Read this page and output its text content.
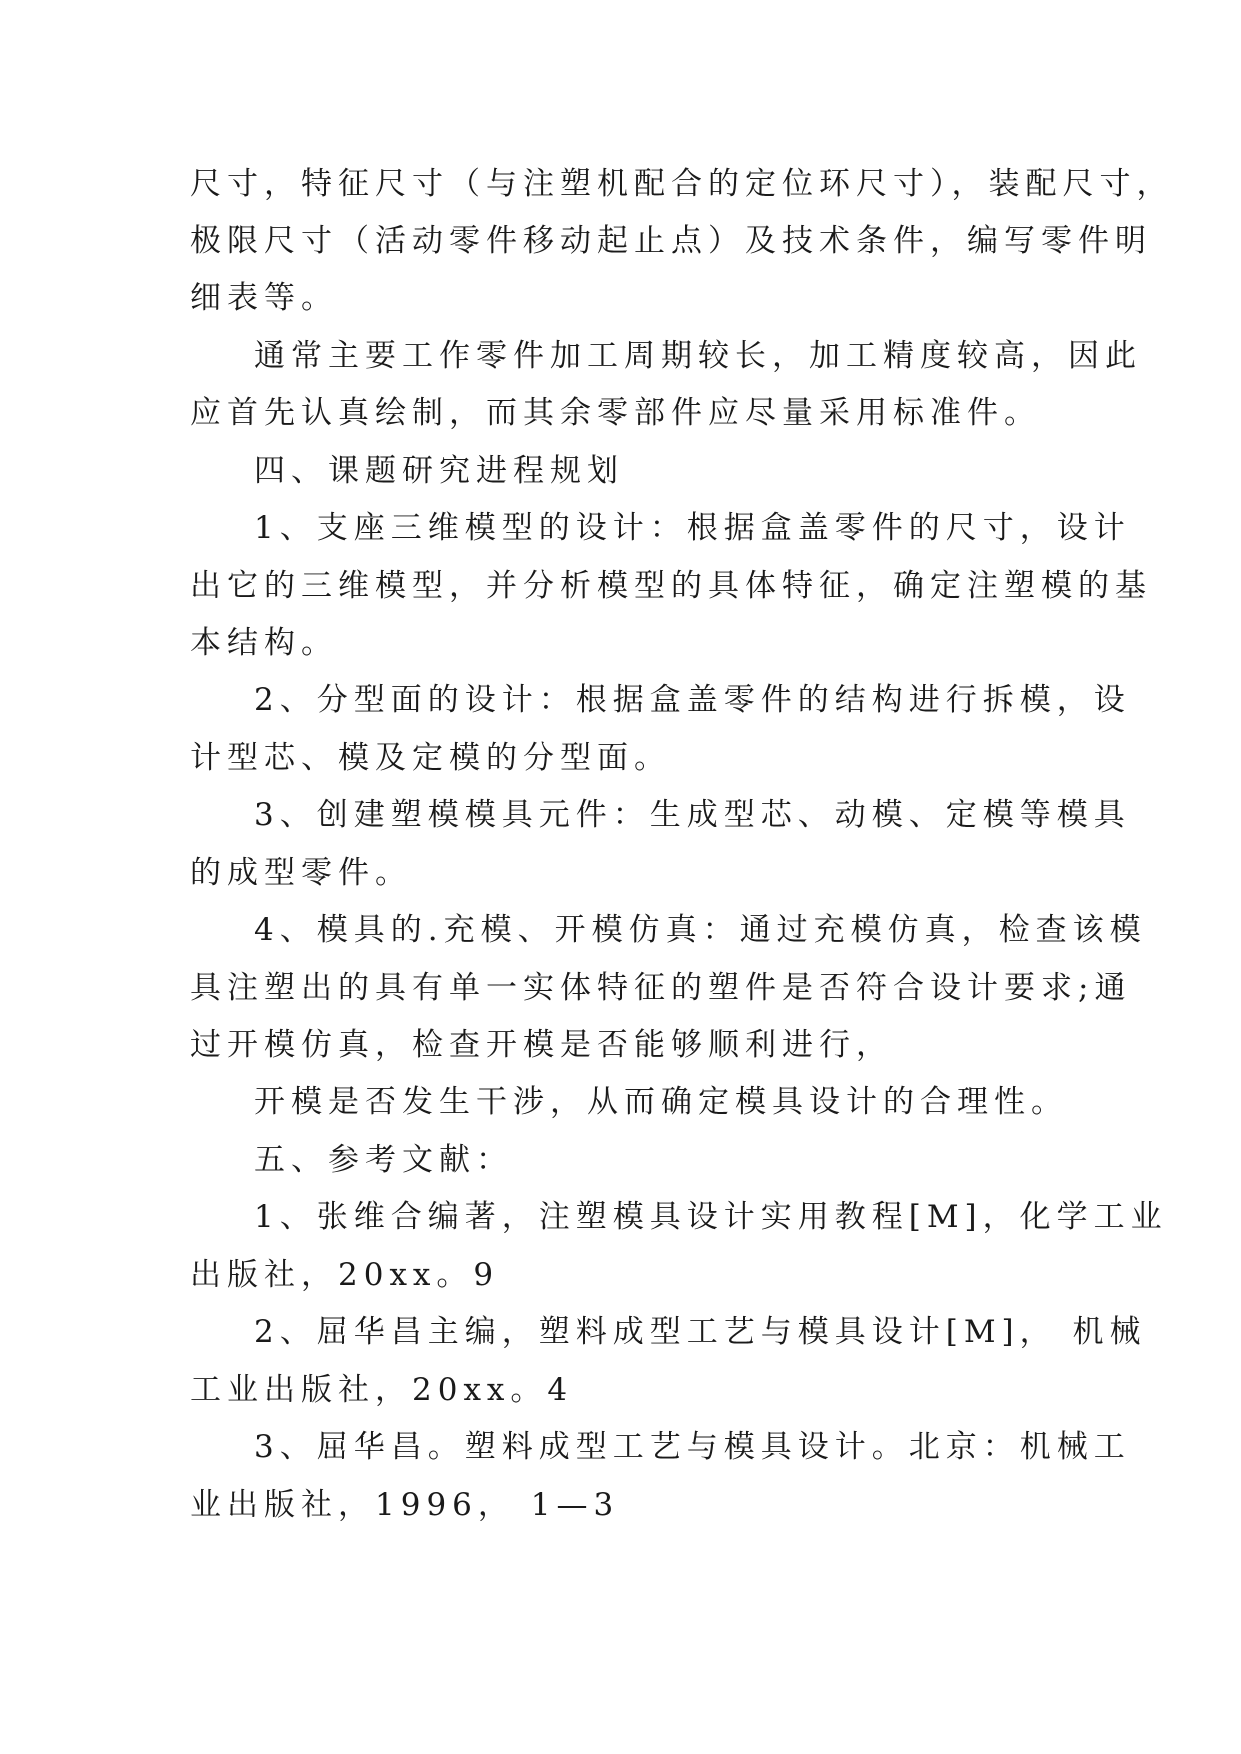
尺寸，特征尺寸（与注塑机配合的定位环尺寸），装配尺寸，
极限尺寸（活动零件移动起止点）及技术条件，编写零件明
细表等。
通常主要工作零件加工周期较长，加工精度较高，因此
应首先认真绘制，而其余零部件应尽量采用标准件。
四、课题研究进程规划
1、支座三维模型的设计：根据盒盖零件的尺寸，设计
出它的三维模型，并分析模型的具体特征，确定注塑模的基
本结构。
2、分型面的设计：根据盒盖零件的结构进行拆模，设
计型芯、模及定模的分型面。
3、创建塑模模具元件：生成型芯、动模、定模等模具
的成型零件。
4、模具的.充模、开模仿真：通过充模仿真，检查该模
具注塑出的具有单一实体特征的塑件是否符合设计要求;通
过开模仿真，检查开模是否能够顺利进行，
开模是否发生干涉，从而确定模具设计的合理性。
五、参考文献：
1、张维合编著，注塑模具设计实用教程[M]，化学工业
出版社，20xx。9
2、屈华昌主编，塑料成型工艺与模具设计[M]， 机械
工业出版社，20xx。4
3、屈华昌。塑料成型工艺与模具设计。北京：机械工
业出版社，1996， 1—3
